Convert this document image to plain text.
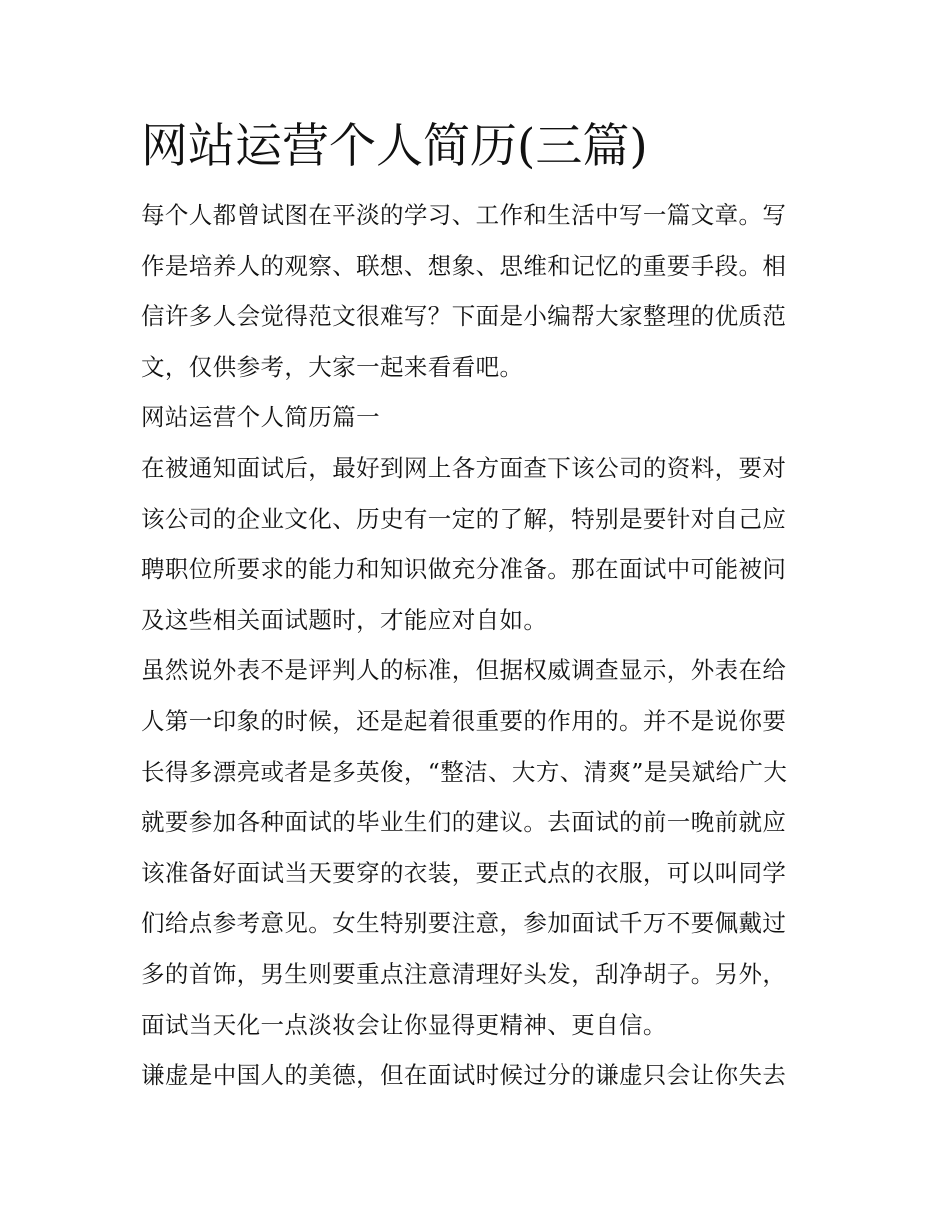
网站运营个人简历(三篇)

每个人都曾试图在平淡的学习、工作和生活中写一篇文章。写
作是培养人的观察、联想、想象、思维和记忆的重要手段。相
信许多人会觉得范文很难写？下面是小编帮大家整理的优质范
文，仅供参考，大家一起来看看吧。

网站运营个人简历篇一

在被通知面试后，最好到网上各方面查下该公司的资料，要对
该公司的企业文化、历史有一定的了解，特别是要针对自己应
聘职位所要求的能力和知识做充分准备。那在面试中可能被问
及这些相关面试题时，才能应对自如。

虽然说外表不是评判人的标准，但据权威调查显示，外表在给
人第一印象的时候，还是起着很重要的作用的。并不是说你要
长得多漂亮或者是多英俊，“整洁、大方、清爽”是吴斌给广大
就要参加各种面试的毕业生们的建议。去面试的前一晚前就应
该准备好面试当天要穿的衣装，要正式点的衣服，可以叫同学
们给点参考意见。女生特别要注意，参加面试千万不要佩戴过
多的首饰，男生则要重点注意清理好头发，刮净胡子。另外，
面试当天化一点淡妆会让你显得更精神、更自信。

谦虚是中国人的美德，但在面试时候过分的谦虚只会让你失去
